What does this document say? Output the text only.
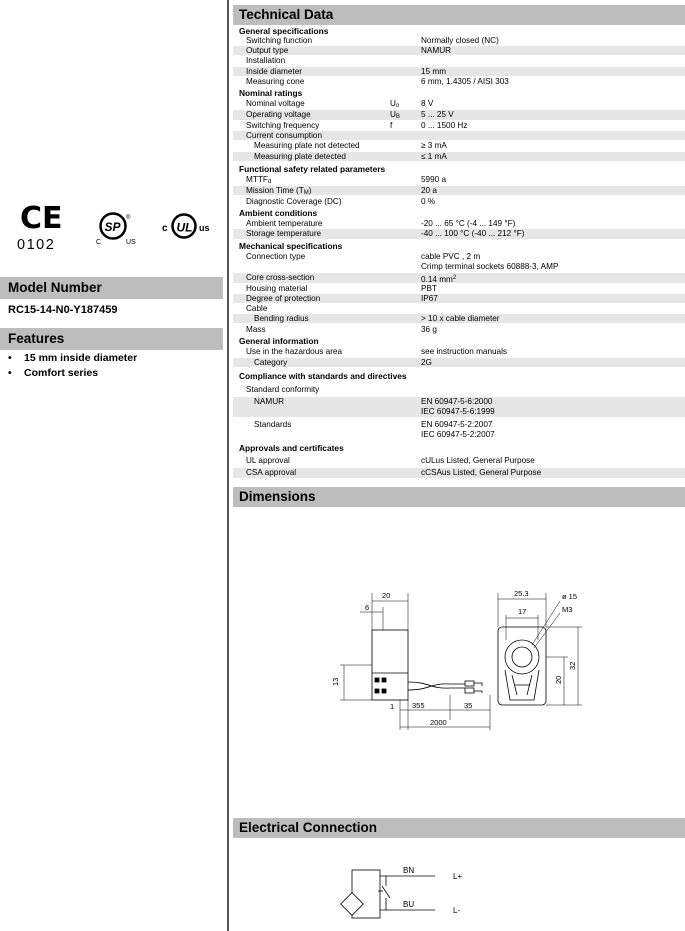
CE
0102
SP
C	US
®
c UL us
Model Number
RC15-14-N0-Y187459
Features
• 15 mm inside diameter
• Comfort series
Technical Data
General specifications
Switching function	Normally closed (NC)
Output type	NAMUR
Installation
Inside diameter	15 mm
Measuring cone	6 mm, 1.4305 / AISI 303
Nominal ratings
Nominal voltage	$U_o$	8 V
Operating voltage	$U_B$	5 ... 25 V
Switching frequency	f	0 ... 1500 Hz
Current consumption
Measuring plate not detected	≥ 3 mA
Measuring plate detected	≤ 1 mA
Functional safety related parameters
$MTTF_d$	5990 a
Mission Time $(T_M)$	20 a
Diagnostic Coverage (DC)	0 %
Ambient conditions
Ambient temperature	-20 ... 65 °C (-4 ... 149 °F)
Storage temperature	-40 ... 100 °C (-40 ... 212 °F)
Mechanical specifications
Connection type	cable PVC , 2 m
Crimp terminal sockets 60888-3, AMP
Core cross-section	0.14 $mm^2$
Housing material	PBT
Degree of protection	IP67
Cable
Bending radius	> 10 x cable diameter
Mass	36 g
General information
Use in the hazardous area	see instruction manuals
Category	2G
Compliance with standards and directives
Standard conformity
NAMUR	EN 60947-5-6:2000
IEC 60947-5-6:1999
Standards	EN 60947-5-2:2007
IEC 60947-5-2:2007
Approvals and certificates
UL approval	cULus Listed, General Purpose
CSA approval	cCSAus Listed, General Purpose
Dimensions
20
6
13
1 355	35
2000
25.3
17
ø 15
M3
20
32
Electrical Connection
BN
BU
L+
L-
